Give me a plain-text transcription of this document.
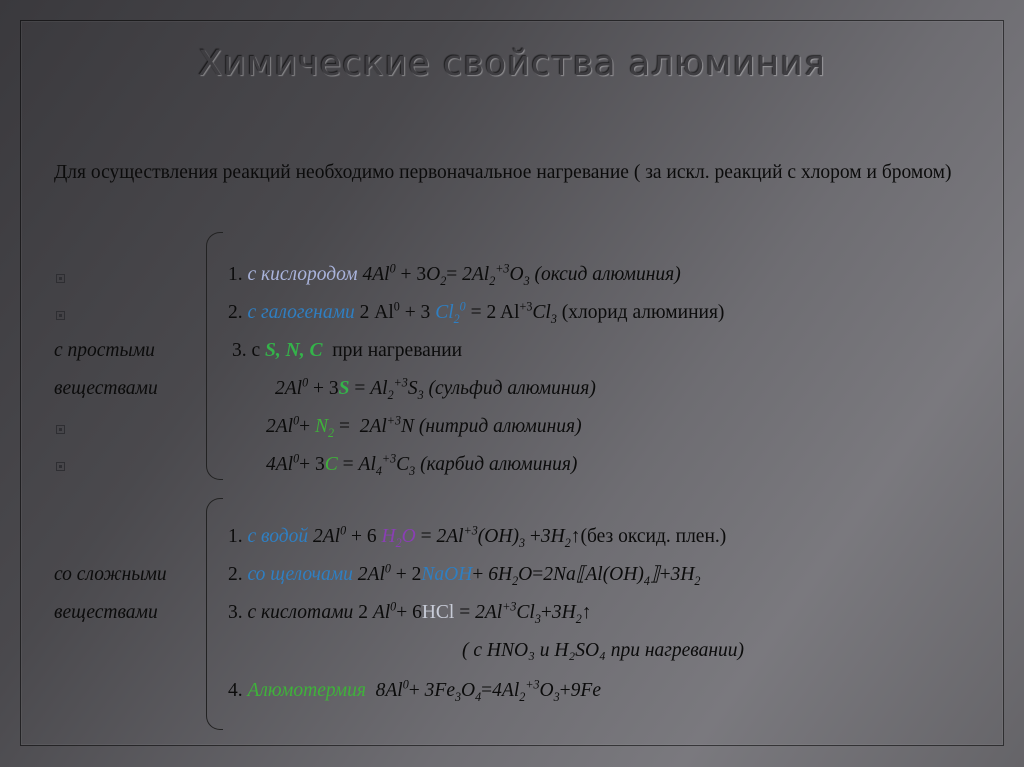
Химические свойства алюминия
Для осуществления реакций необходимо первоначальное нагревание ( за искл. реакций с хлором и бромом)
1. с кислородом $4Al^0 + 3O_2= 2Al_2^{+3}O_3$ (оксид алюминия)
2. с галогенами 2 $Al^0 + 3$ $Cl_2^0 = 2$ $Al^{+3}Cl_3$ (хлорид алюминия)
с простыми	3. с S, N, C при нагревании
веществами	$2Al^0 + 3S = Al_2^{+3}S_3$ (сульфид алюминия)
$2Al^0+ N_2 = 2Al^{+3}N$ (нитрид алюминия)
$4Al^0+ 3C = Al_4^{+3}C_3$ (карбид алюминия)
1. с водой $2Al^0 + 6$ $H_2O = 2Al^{+3}(OH)_3$ $+3H_2↑(без$ оксид. плен.)
со сложными	2. со щелочами $2Al^0$ + 2NaOH+ $6H_2O=2Na⟦Al(OH)_4⟧+3H_2$
веществами	3. с кислотами 2 $Al^0+ 6HCl$ = $2Al^{+3}Cl_3+3H_2↑$
( с HNO₃ и H₂SO₄ при нагревании)
4. Алюмотермия $8Al^0+ 3Fe_3O_4=4Al_2^{+3}O_3+9Fe$
